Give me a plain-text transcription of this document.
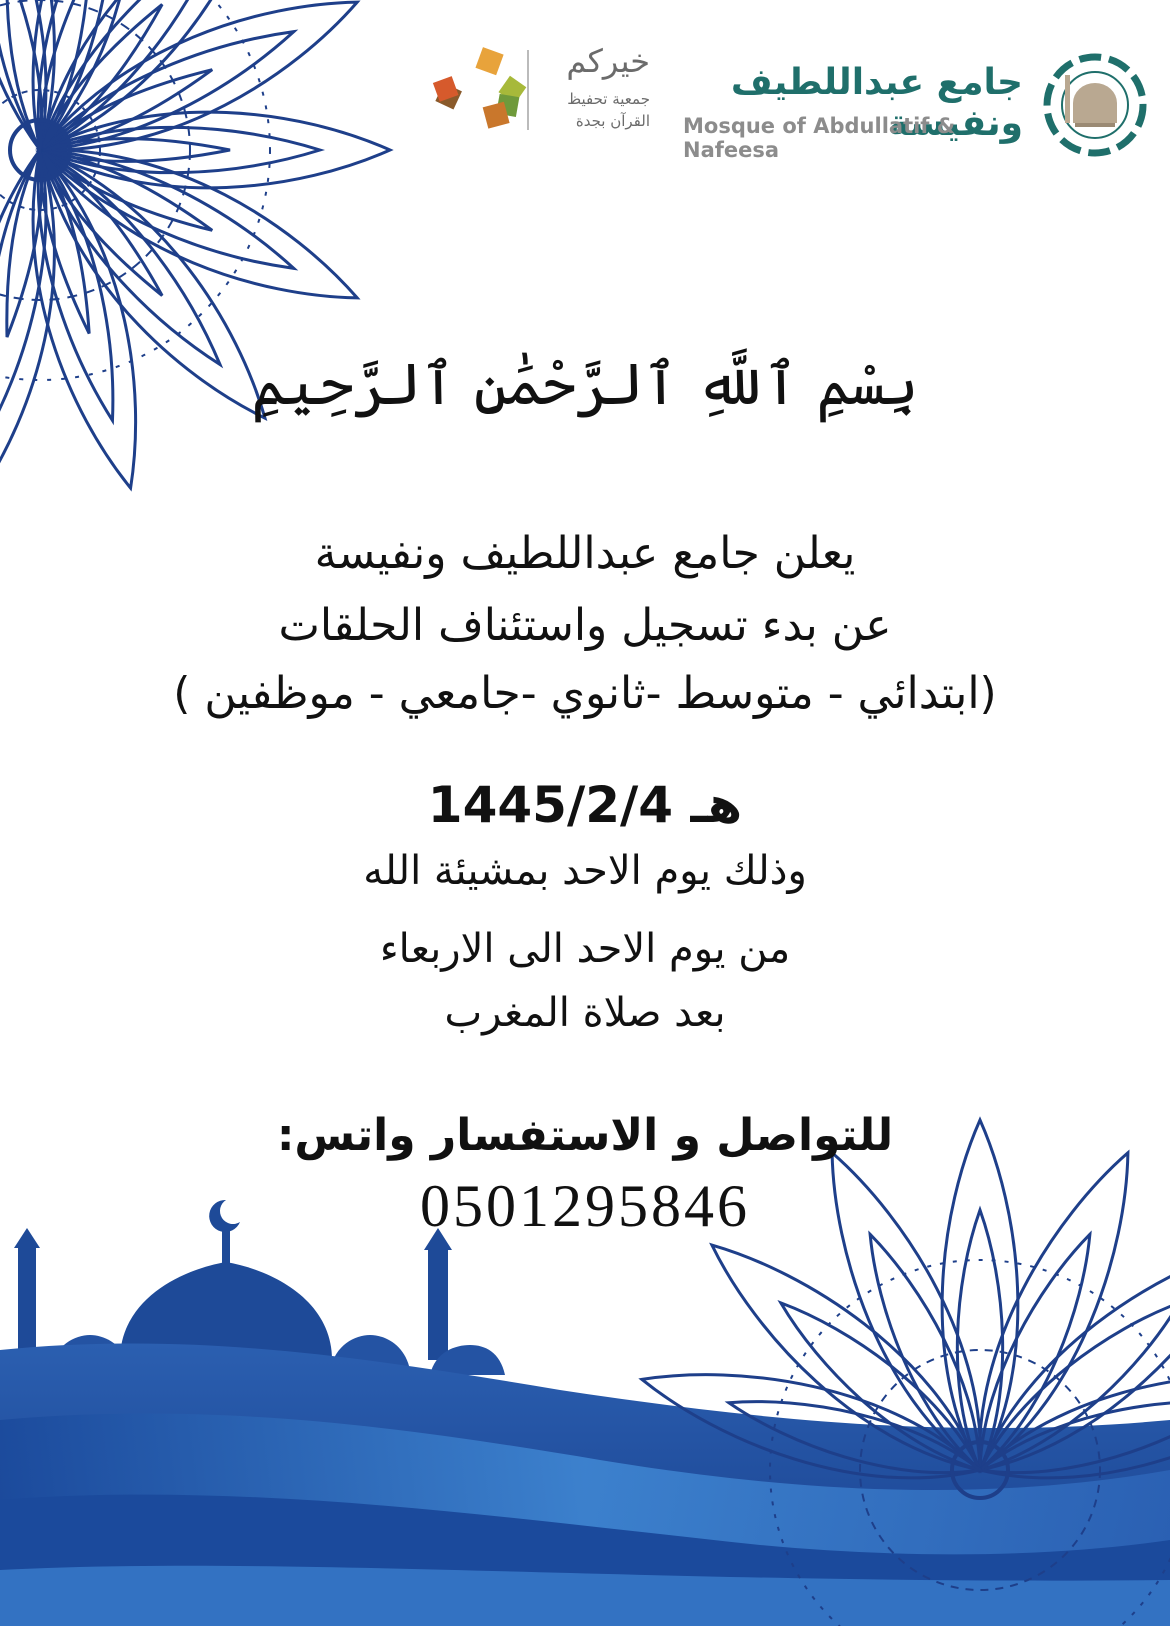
جامع عبداللطيف ونفيسة
Mosque of Abdullatif & Nafeesa
خيركم
جمعية تحفيظ
القرآن بجدة
بِسْمِ ٱللَّهِ ٱلرَّحْمَٰنِ ٱلرَّحِيمِ
يعلن جامع عبداللطيف ونفيسة
عن بدء تسجيل واستئناف الحلقات
(ابتدائي - متوسط -ثانوي -جامعي - موظفين )
1445/2/4 هـ
وذلك يوم الاحد بمشيئة الله
من يوم الاحد الى الاربعاء
بعد صلاة المغرب
للتواصل و الاستفسار واتس:
0501295846
